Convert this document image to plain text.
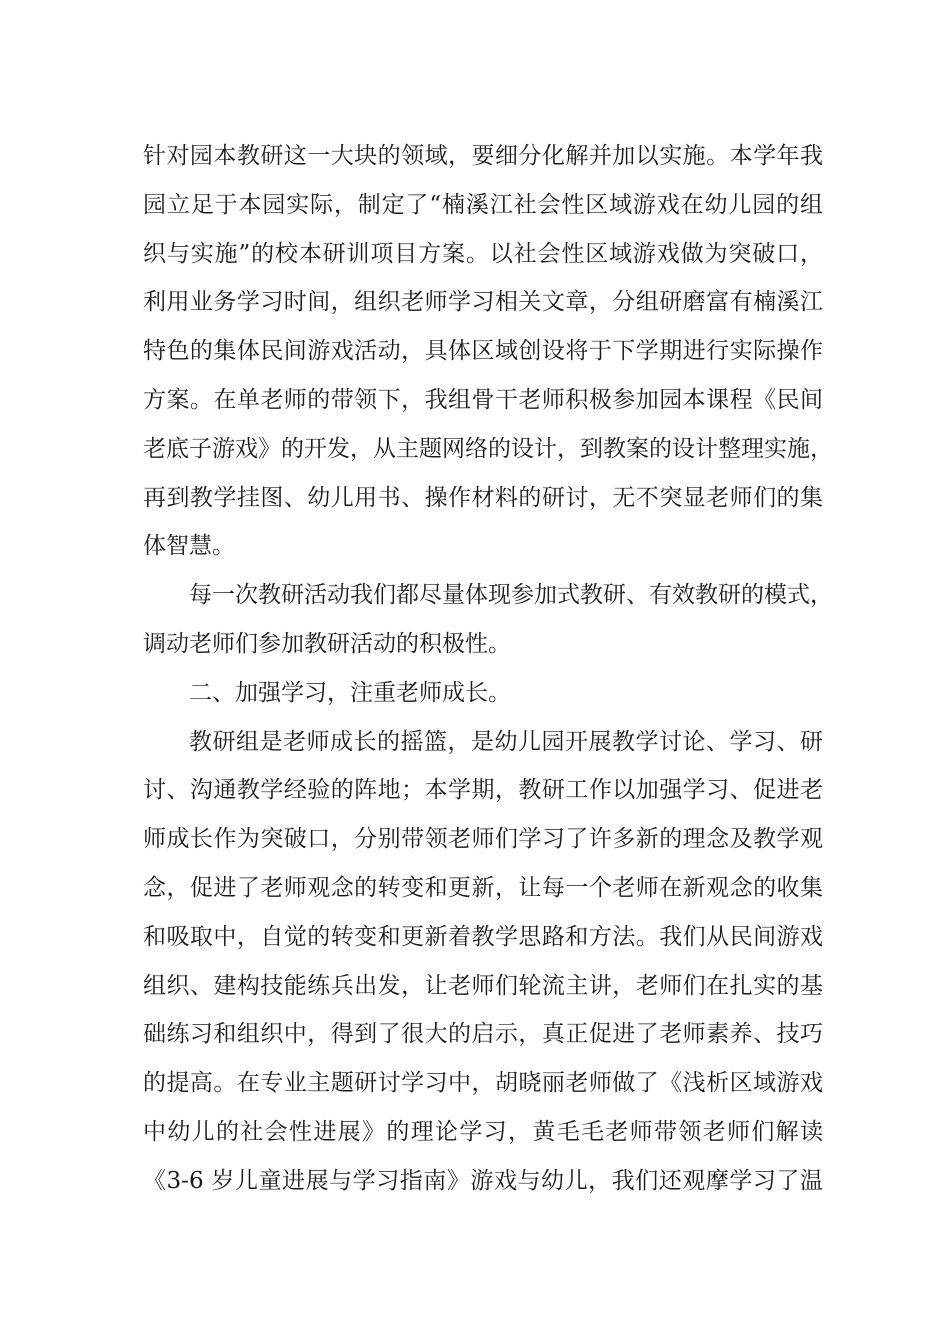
针对园本教研这一大块的领域，要细分化解并加以实施。本学年我
园立足于本园实际，制定了“楠溪江社会性区域游戏在幼儿园的组
织与实施”的校本研训项目方案。以社会性区域游戏做为突破口，
利用业务学习时间，组织老师学习相关文章，分组研磨富有楠溪江
特色的集体民间游戏活动，具体区域创设将于下学期进行实际操作
方案。在单老师的带领下，我组骨干老师积极参加园本课程《民间
老底子游戏》的开发，从主题网络的设计，到教案的设计整理实施，
再到教学挂图、幼儿用书、操作材料的研讨，无不突显老师们的集
体智慧。
每一次教研活动我们都尽量体现参加式教研、有效教研的模式，
调动老师们参加教研活动的积极性。
二、加强学习，注重老师成长。
教研组是老师成长的摇篮，是幼儿园开展教学讨论、学习、研
讨、沟通教学经验的阵地；本学期，教研工作以加强学习、促进老
师成长作为突破口，分别带领老师们学习了许多新的理念及教学观
念，促进了老师观念的转变和更新，让每一个老师在新观念的收集
和吸取中，自觉的转变和更新着教学思路和方法。我们从民间游戏
组织、建构技能练兵出发，让老师们轮流主讲，老师们在扎实的基
础练习和组织中，得到了很大的启示，真正促进了老师素养、技巧
的提高。在专业主题研讨学习中，胡晓丽老师做了《浅析区域游戏
中幼儿的社会性进展》的理论学习，黄毛毛老师带领老师们解读
《3-6 岁儿童进展与学习指南》游戏与幼儿，我们还观摩学习了温
